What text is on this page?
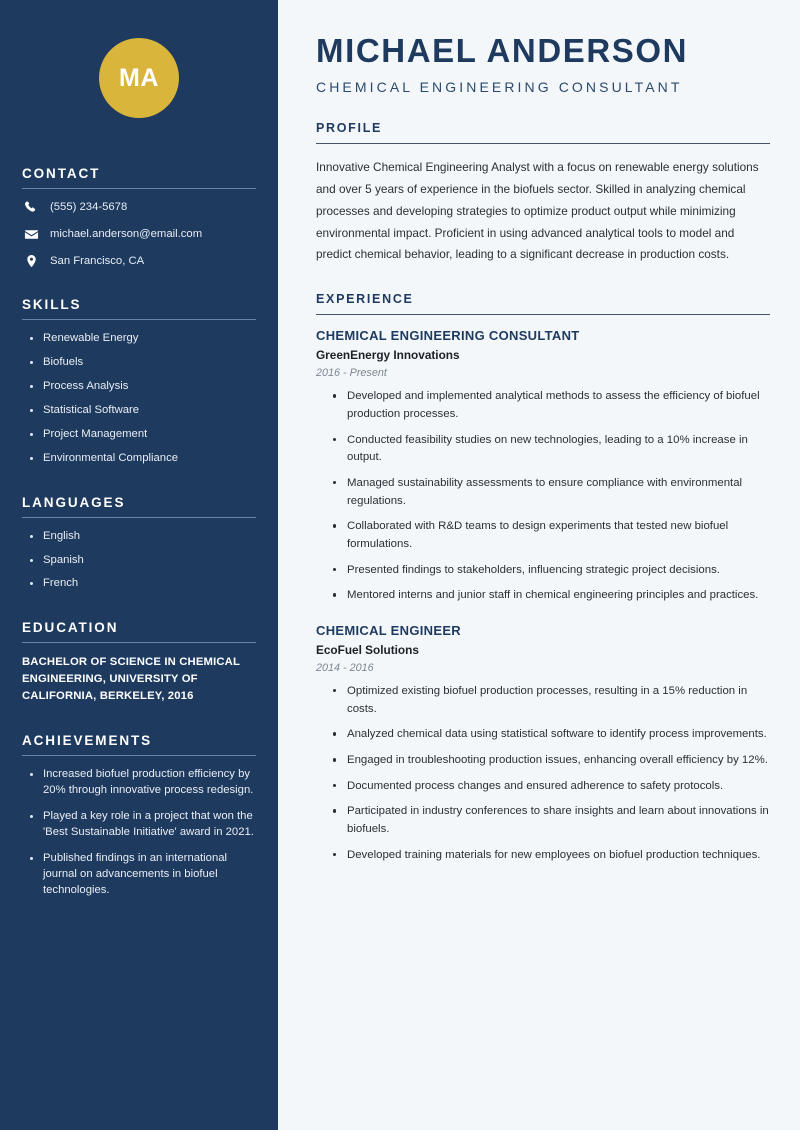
MA
CONTACT
(555) 234-5678
michael.anderson@email.com
San Francisco, CA
SKILLS
Renewable Energy
Biofuels
Process Analysis
Statistical Software
Project Management
Environmental Compliance
LANGUAGES
English
Spanish
French
EDUCATION
BACHELOR OF SCIENCE IN CHEMICAL ENGINEERING, UNIVERSITY OF CALIFORNIA, BERKELEY, 2016
ACHIEVEMENTS
Increased biofuel production efficiency by 20% through innovative process redesign.
Played a key role in a project that won the 'Best Sustainable Initiative' award in 2021.
Published findings in an international journal on advancements in biofuel technologies.
MICHAEL ANDERSON
CHEMICAL ENGINEERING CONSULTANT
PROFILE

Innovative Chemical Engineering Analyst with a focus on renewable energy solutions and over 5 years of experience in the biofuels sector. Skilled in analyzing chemical processes and developing strategies to optimize product output while minimizing environmental impact. Proficient in using advanced analytical tools to model and predict chemical behavior, leading to a significant decrease in production costs.

EXPERIENCE
CHEMICAL ENGINEERING CONSULTANT
GreenEnergy Innovations
2016 - Present
Developed and implemented analytical methods to assess the efficiency of biofuel production processes.
Conducted feasibility studies on new technologies, leading to a 10% increase in output.
Managed sustainability assessments to ensure compliance with environmental regulations.
Collaborated with R&D teams to design experiments that tested new biofuel formulations.
Presented findings to stakeholders, influencing strategic project decisions.
Mentored interns and junior staff in chemical engineering principles and practices.
CHEMICAL ENGINEER
EcoFuel Solutions
2014 - 2016
Optimized existing biofuel production processes, resulting in a 15% reduction in costs.
Analyzed chemical data using statistical software to identify process improvements.
Engaged in troubleshooting production issues, enhancing overall efficiency by 12%.
Documented process changes and ensured adherence to safety protocols.
Participated in industry conferences to share insights and learn about innovations in biofuels.
Developed training materials for new employees on biofuel production techniques.
